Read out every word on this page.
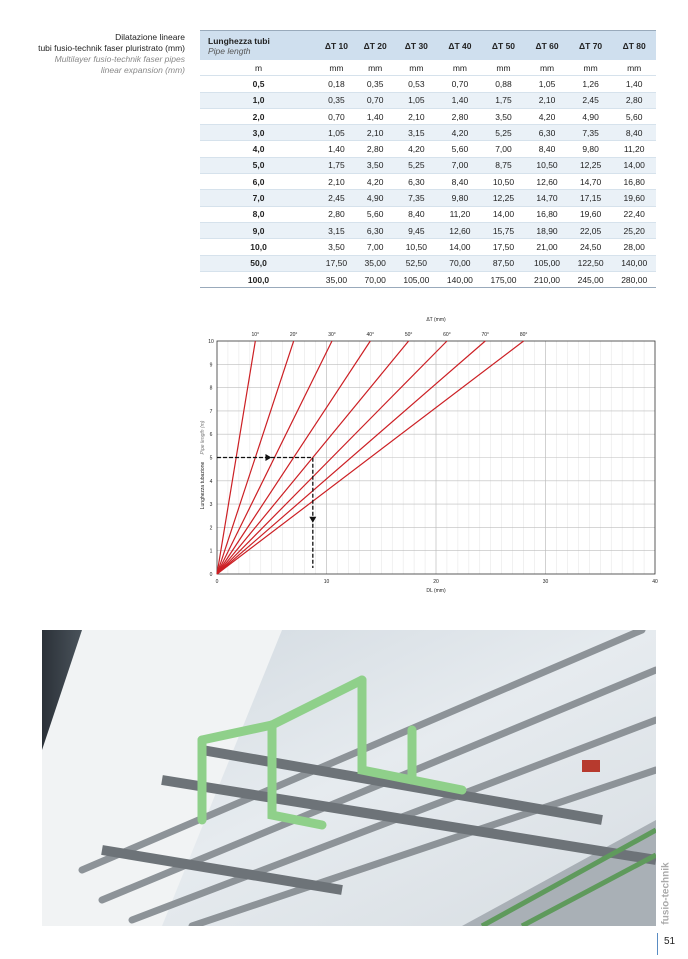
Dilatazione lineare
tubi fusio-technik faser pluristrato (mm)
Multilayer fusio-technik faser pipes
linear expansion (mm)
Lunghezza tubi
Pipe length	ΔT 10	ΔT 20	ΔT 30	ΔT 40	ΔT 50	ΔT 60	ΔT 70	ΔT 80
m	mm	mm	mm	mm	mm	mm	mm	mm
0,5	0,18	0,35	0,53	0,70	0,88	1,05	1,26	1,40
1,0	0,35	0,70	1,05	1,40	1,75	2,10	2,45	2,80
2,0	0,70	1,40	2,10	2,80	3,50	4,20	4,90	5,60
3,0	1,05	2,10	3,15	4,20	5,25	6,30	7,35	8,40
4,0	1,40	2,80	4,20	5,60	7,00	8,40	9,80	11,20
5,0	1,75	3,50	5,25	7,00	8,75	10,50	12,25	14,00
6,0	2,10	4,20	6,30	8,40	10,50	12,60	14,70	16,80
7,0	2,45	4,90	7,35	9,80	12,25	14,70	17,15	19,60
8,0	2,80	5,60	8,40	11,20	14,00	16,80	19,60	22,40
9,0	3,15	6,30	9,45	12,60	15,75	18,90	22,05	25,20
10,0	3,50	7,00	10,50	14,00	17,50	21,00	24,50	28,00
50,0	17,50	35,00	52,50	70,00	87,50	105,00	122,50	140,00
100,0	35,00	70,00	105,00	140,00	175,00	210,00	245,00	280,00
0	10	20	30	40
0
1
2
3
4
5
6
7
8
9
10
10°	20°	30°	40°	50°	60°	70°	80°
ΔT (mm)
DL (mm)
Lunghezza tubazione
Pipe length (m)
fusio-technik
51
